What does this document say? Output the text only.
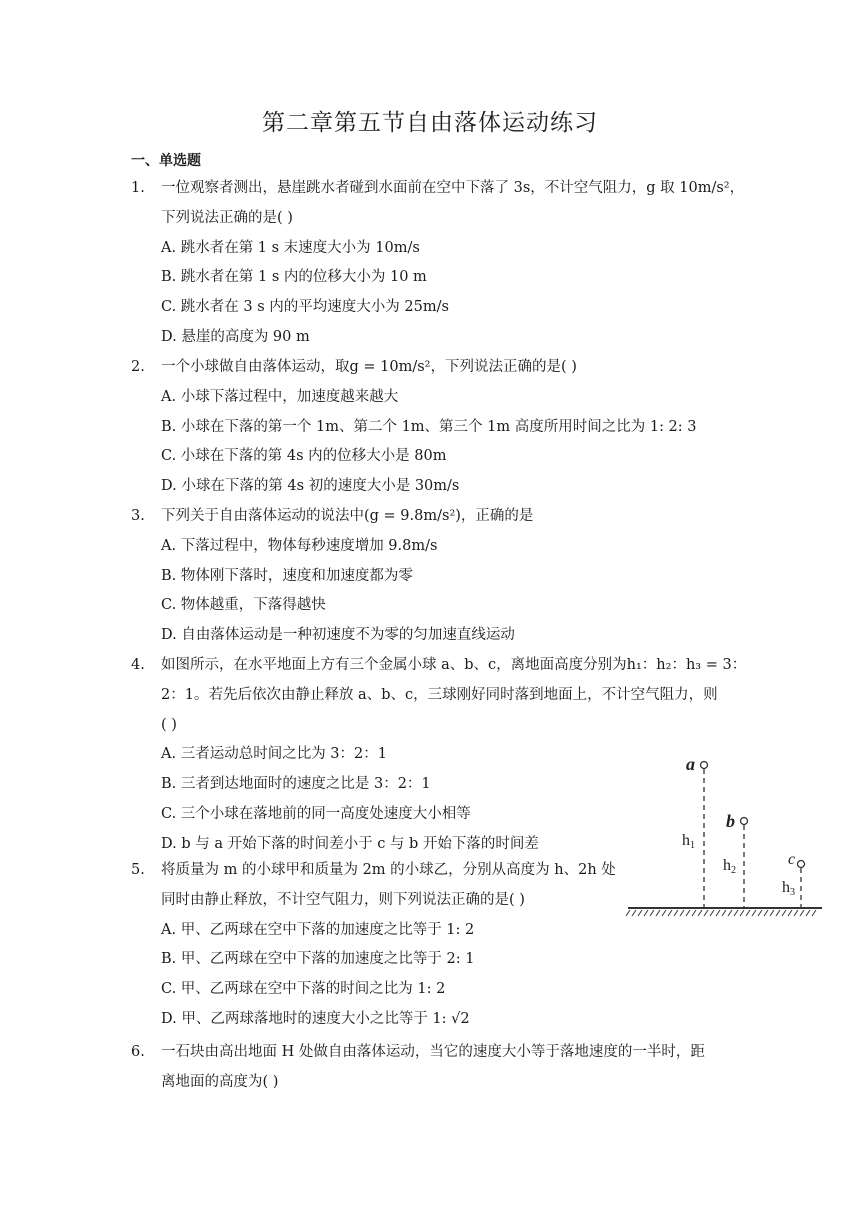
第二章第五节自由落体运动练习
一、单选题
1. 一位观察者测出，悬崖跳水者碰到水面前在空中下落了 3s，不计空气阻力，g 取 10m/s²，
下列说法正确的是( )
A. 跳水者在第 1 s 末速度大小为 10m/s
B. 跳水者在第 1 s 内的位移大小为 10 m
C. 跳水者在 3 s 内的平均速度大小为 25m/s
D. 悬崖的高度为 90 m
2. 一个小球做自由落体运动，取g = 10m/s²，下列说法正确的是( )
A. 小球下落过程中，加速度越来越大
B. 小球在下落的第一个 1m、第二个 1m、第三个 1m 高度所用时间之比为 1: 2: 3
C. 小球在下落的第 4s 内的位移大小是 80m
D. 小球在下落的第 4s 初的速度大小是 30m/s
3. 下列关于自由落体运动的说法中(g = 9.8m/s²)，正确的是
A. 下落过程中，物体每秒速度增加 9.8m/s
B. 物体刚下落时，速度和加速度都为零
C. 物体越重，下落得越快
D. 自由落体运动是一种初速度不为零的匀加速直线运动
4. 如图所示，在水平地面上方有三个金属小球 a、b、c，离地面高度分别为h₁：h₂：h₃ = 3：
2：1。若先后依次由静止释放 a、b、c，三球刚好同时落到地面上，不计空气阻力，则
( )
A. 三者运动总时间之比为 3：2：1
B. 三者到达地面时的速度之比是 3：2：1
C. 三个小球在落地前的同一高度处速度大小相等
D. b 与 a 开始下落的时间差小于 c 与 b 开始下落的时间差
5. 将质量为 m 的小球甲和质量为 2m 的小球乙，分别从高度为 h、2h 处
同时由静止释放，不计空气阻力，则下列说法正确的是( )
A. 甲、乙两球在空中下落的加速度之比等于 1: 2
B. 甲、乙两球在空中下落的加速度之比等于 2: 1
C. 甲、乙两球在空中下落的时间之比为 1: 2
D. 甲、乙两球落地时的速度大小之比等于 1: √2
6. 一石块由高出地面 H 处做自由落体运动，当它的速度大小等于落地速度的一半时，距
离地面的高度为( )
a
h1
b
h2
c
h3
